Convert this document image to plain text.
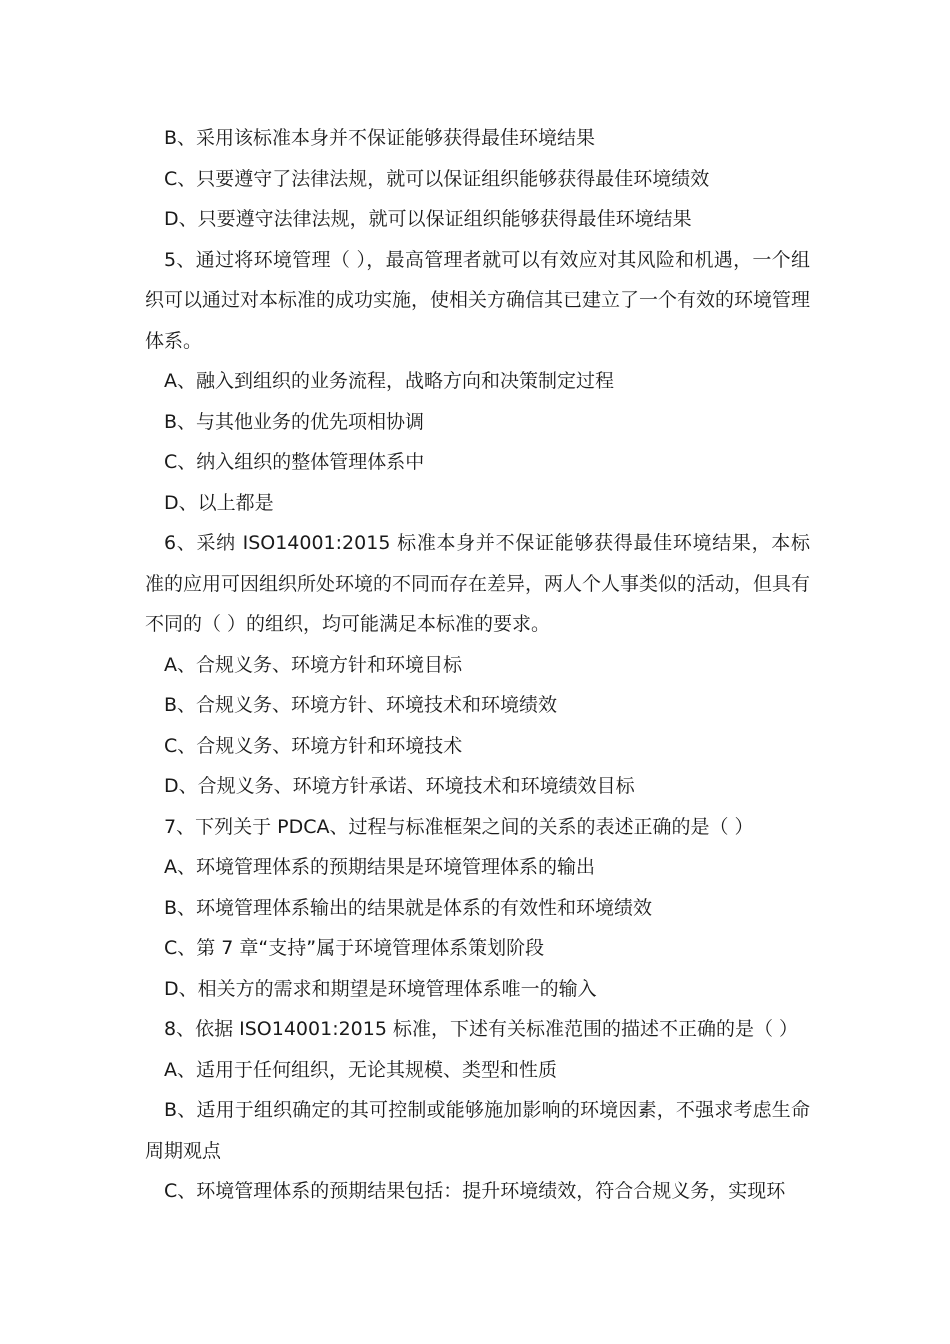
B、采用该标准本身并不保证能够获得最佳环境结果
C、只要遵守了法律法规，就可以保证组织能够获得最佳环境绩效
D、只要遵守法律法规，就可以保证组织能够获得最佳环境结果
5、通过将环境管理（ ），最高管理者就可以有效应对其风险和机遇，一个组织可以通过对本标准的成功实施，使相关方确信其已建立了一个有效的环境管理体系。
A、融入到组织的业务流程，战略方向和决策制定过程
B、与其他业务的优先项相协调
C、纳入组织的整体管理体系中
D、以上都是
6、采纳 ISO14001:2015 标准本身并不保证能够获得最佳环境结果，本标准的应用可因组织所处环境的不同而存在差异，两人个人事类似的活动，但具有不同的（ ）的组织，均可能满足本标准的要求。
A、合规义务、环境方针和环境目标
B、合规义务、环境方针、环境技术和环境绩效
C、合规义务、环境方针和环境技术
D、合规义务、环境方针承诺、环境技术和环境绩效目标
7、下列关于 PDCA、过程与标准框架之间的关系的表述正确的是（ ）
A、环境管理体系的预期结果是环境管理体系的输出
B、环境管理体系输出的结果就是体系的有效性和环境绩效
C、第 7 章“支持”属于环境管理体系策划阶段
D、相关方的需求和期望是环境管理体系唯一的输入
8、依据 ISO14001:2015 标准，下述有关标准范围的描述不正确的是（ ）
A、适用于任何组织，无论其规模、类型和性质
B、适用于组织确定的其可控制或能够施加影响的环境因素，不强求考虑生命周期观点
C、环境管理体系的预期结果包括：提升环境绩效，符合合规义务，实现环
